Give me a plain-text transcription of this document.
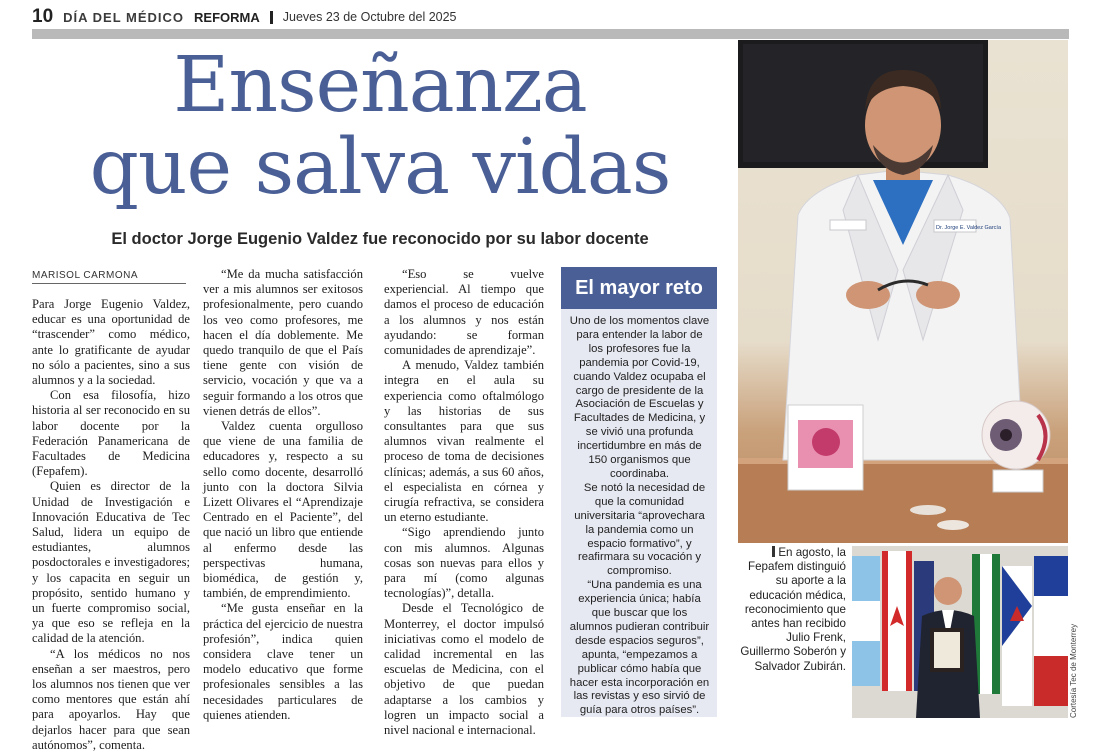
10 DÍA DEL MÉDICO REFORMA Jueves 23 de Octubre del 2025
Enseñanza
que salva vidas
El doctor Jorge Eugenio Valdez fue reconocido por su labor docente
MARISOL CARMONA

Para Jorge Eugenio Valdez, educar es una oportunidad de “trascender” como médico, ante lo gratificante de ayudar no sólo a pacientes, sino a sus alumnos y a la sociedad.

Con esa filosofía, hizo historia al ser reconocido en su labor docente por la Federación Panamericana de Facultades de Medicina (Fepafem).

Quien es director de la Unidad de Investigación e Innovación Educativa de Tec Salud, lidera un equipo de estudiantes, alumnos posdoctorales e investigadores; y los capacita en seguir un propósito, sentido humano y un fuerte compromiso social, ya que eso se refleja en la calidad de la atención.

“A los médicos no nos enseñan a ser maestros, pero los alumnos nos tienen que ver como mentores que están ahí para apoyarlos. Hay que dejarlos hacer para que sean autónomos”, comenta.

“Me da mucha satisfacción ver a mis alumnos ser exitosos profesionalmente, pero cuando los veo como profesores, me hacen el día doblemente. Me quedo tranquilo de que el País tiene gente con visión de servicio, vocación y que va a seguir formando a los otros que vienen detrás de ellos”.

Valdez cuenta orgulloso que viene de una familia de educadores y, respecto a su sello como docente, desarrolló junto con la doctora Silvia Lizett Olivares el “Aprendizaje Centrado en el Paciente”, del que nació un libro que entiende al enfermo desde las perspectivas humana, biomédica, de gestión y, también, de emprendimiento.

“Me gusta enseñar en la práctica del ejercicio de nuestra profesión”, indica quien considera clave tener un modelo educativo que forme profesionales sensibles a las necesidades particulares de quienes atienden.

“Eso se vuelve experiencial. Al tiempo que damos el proceso de educación a los alumnos y nos están ayudando: se forman comunidades de aprendizaje”.

A menudo, Valdez también integra en el aula su experiencia como oftalmólogo y las historias de sus consultantes para que sus alumnos vivan realmente el proceso de toma de decisiones clínicas; además, a sus 60 años, el especialista en córnea y cirugía refractiva, se considera un eterno estudiante.

“Sigo aprendiendo junto con mis alumnos. Algunas cosas son nuevas para ellos y para mí (como algunas tecnologías)”, detalla.

Desde el Tecnológico de Monterrey, el doctor impulsó iniciativas como el modelo de calidad incremental en las escuelas de Medicina, con el objetivo de que puedan adaptarse a los cambios y logren un impacto social a nivel nacional e internacional.

El mayor reto

Uno de los momentos clave para entender la labor de los profesores fue la pandemia por Covid-19, cuando Valdez ocupaba el cargo de presidente de la Asociación de Escuelas y Facultades de Medicina, y se vivió una profunda incertidumbre en más de 150 organismos que coordinaba.

Se notó la necesidad de que la comunidad universitaria “aprovechara la pandemia como un espacio formativo”, y reafirmara su vocación y compromiso.

“Una pandemia es una experiencia única; había que buscar que los alumnos pudieran contribuir desde espacios seguros”, apunta, “empezamos a publicar cómo había que hacer esta incorporación en las revistas y eso sirvió de guía para otros países”.

Dr. Jorge E. Valdez García
En agosto, la Fepafem distinguió su aporte a la educación médica, reconocimiento que antes han recibido Julio Frenk, Guillermo Soberón y Salvador Zubirán.	Cortesía Tec de Monterrey
